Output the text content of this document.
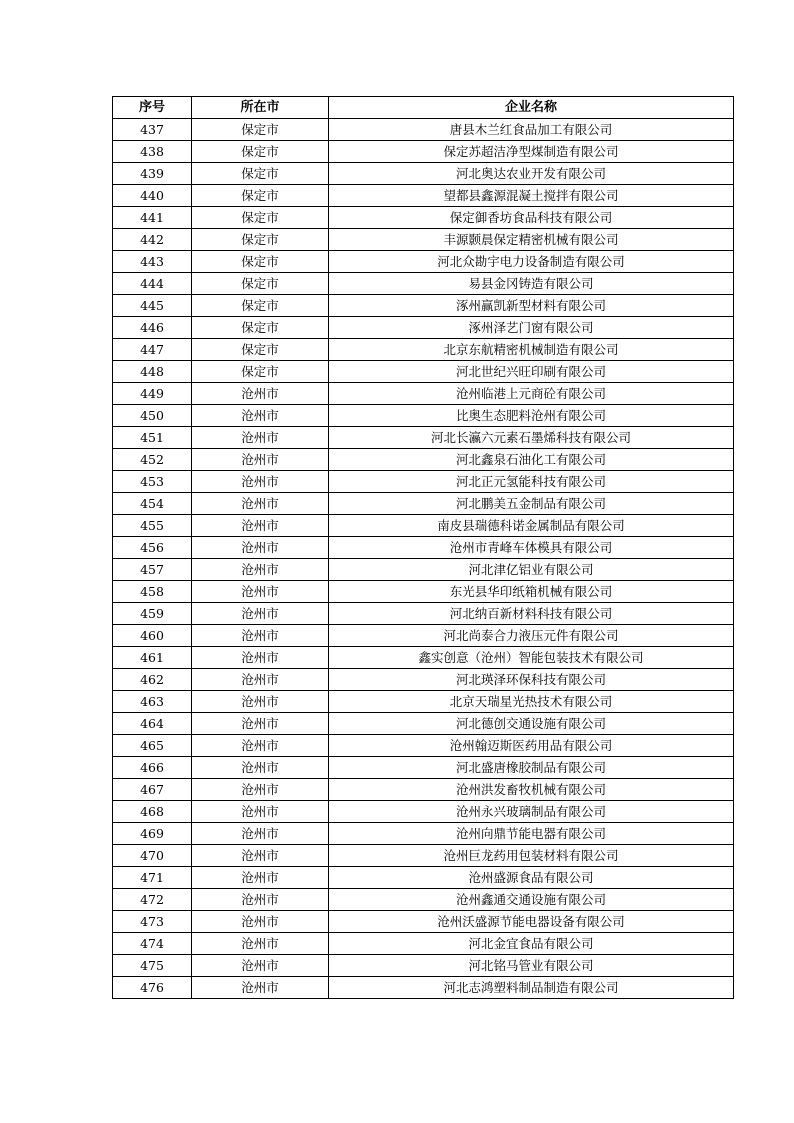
序号	所在市	企业名称
437	保定市	唐县木兰红食品加工有限公司
438	保定市	保定苏超洁净型煤制造有限公司
439	保定市	河北奥达农业开发有限公司
440	保定市	望都县鑫源混凝土搅拌有限公司
441	保定市	保定御香坊食品科技有限公司
442	保定市	丰源颢晨保定精密机械有限公司
443	保定市	河北众勘宇电力设备制造有限公司
444	保定市	易县金冈铸造有限公司
445	保定市	涿州赢凯新型材料有限公司
446	保定市	涿州泽艺门窗有限公司
447	保定市	北京东航精密机械制造有限公司
448	保定市	河北世纪兴旺印刷有限公司
449	沧州市	沧州临港上元商砼有限公司
450	沧州市	比奥生态肥料沧州有限公司
451	沧州市	河北长瀛六元素石墨烯科技有限公司
452	沧州市	河北鑫泉石油化工有限公司
453	沧州市	河北正元氢能科技有限公司
454	沧州市	河北鹏美五金制品有限公司
455	沧州市	南皮县瑞德科诺金属制品有限公司
456	沧州市	沧州市青峰车体模具有限公司
457	沧州市	河北津亿铝业有限公司
458	沧州市	东光县华印纸箱机械有限公司
459	沧州市	河北纳百新材料科技有限公司
460	沧州市	河北尚泰合力液压元件有限公司
461	沧州市	鑫实创意（沧州）智能包装技术有限公司
462	沧州市	河北瑛泽环保科技有限公司
463	沧州市	北京天瑞星光热技术有限公司
464	沧州市	河北德创交通设施有限公司
465	沧州市	沧州翰迈斯医药用品有限公司
466	沧州市	河北盛唐橡胶制品有限公司
467	沧州市	沧州洪发畜牧机械有限公司
468	沧州市	沧州永兴玻璃制品有限公司
469	沧州市	沧州向鼎节能电器有限公司
470	沧州市	沧州巨龙药用包装材料有限公司
471	沧州市	沧州盛源食品有限公司
472	沧州市	沧州鑫通交通设施有限公司
473	沧州市	沧州沃盛源节能电器设备有限公司
474	沧州市	河北金宜食品有限公司
475	沧州市	河北铭马管业有限公司
476	沧州市	河北志鸿塑料制品制造有限公司
